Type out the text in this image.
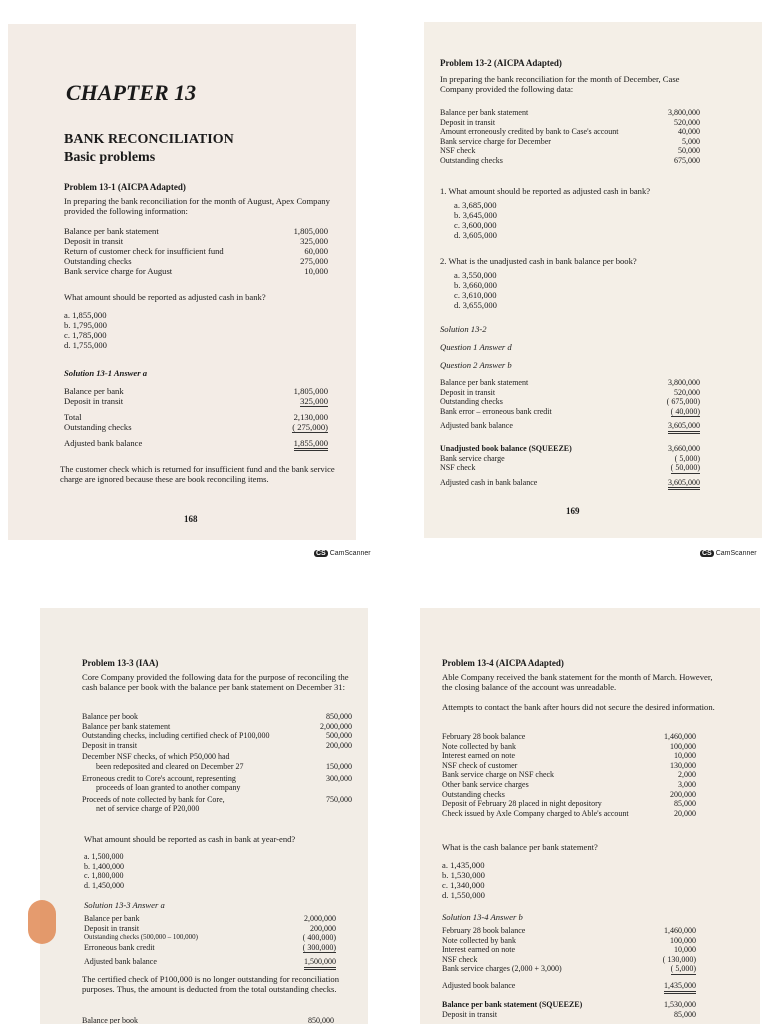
CHAPTER 13
BANK RECONCILIATION
Basic problems
Problem 13-1 (AICPA Adapted)
In preparing the bank reconciliation for the month of August, Apex Company provided the following information:
Balance per bank statement	1,805,000
Deposit in transit	325,000
Return of customer check for insufficient fund	60,000
Outstanding checks	275,000
Bank service charge for August	10,000
What amount should be reported as adjusted cash in bank?
a. 1,855,000
b. 1,795,000
c. 1,785,000
d. 1,755,000
Solution 13-1 Answer a
Balance per bank	1,805,000
Deposit in transit	325,000
Total	2,130,000
Outstanding checks	( 275,000)
Adjusted bank balance	1,855,000
The customer check which is returned for insufficient fund and the bank service charge are ignored because these are book reconciling items.
168
CS CamScanner
Problem 13-2 (AICPA Adapted)
In preparing the bank reconciliation for the month of December, Case Company provided the following data:
Balance per bank statement	3,800,000
Deposit in transit	520,000
Amount erroneously credited by bank to Case's account	40,000
Bank service charge for December	5,000
NSF check	50,000
Outstanding checks	675,000
1. What amount should be reported as adjusted cash in bank?
a. 3,685,000
b. 3,645,000
c. 3,600,000
d. 3,605,000
2. What is the unadjusted cash in bank balance per book?
a. 3,550,000
b. 3,660,000
c. 3,610,000
d. 3,655,000
Solution 13-2
Question 1 Answer d
Question 2 Answer b
Balance per bank statement	3,800,000
Deposit in transit	520,000
Outstanding checks	( 675,000)
Bank error – erroneous bank credit	( 40,000)
Adjusted bank balance	3,605,000
Unadjusted book balance (SQUEEZE)	3,660,000
Bank service charge	( 5,000)
NSF check	( 50,000)
Adjusted cash in bank balance	3,605,000
169
CS CamScanner
Problem 13-3 (IAA)
Core Company provided the following data for the purpose of reconciling the cash balance per book with the balance per bank statement on December 31:
Balance per book	850,000
Balance per bank statement	2,000,000
Outstanding checks, including certified check of P100,000	500,000
Deposit in transit	200,000
December NSF checks, of which P50,000 had
been redeposited and cleared on December 27	150,000
Erroneous credit to Core's account, representing
proceeds of loan granted to another company
300,000
Proceeds of note collected by bank for Core,
net of service charge of P20,000
750,000
What amount should be reported as cash in bank at year-end?
a. 1,500,000
b. 1,400,000
c. 1,800,000
d. 1,450,000
Solution 13-3 Answer a
Balance per bank	2,000,000
Deposit in transit	200,000
Outstanding checks (500,000 – 100,000)	( 400,000)
Erroneous bank credit	( 300,000)
Adjusted bank balance	1,500,000
The certified check of P100,000 is no longer outstanding for reconciliation purposes. Thus, the amount is deducted from the total outstanding checks.
Balance per book	850,000
Problem 13-4 (AICPA Adapted)
Able Company received the bank statement for the month of March. However, the closing balance of the account was unreadable.
Attempts to contact the bank after hours did not secure the desired information.
February 28 book balance	1,460,000
Note collected by bank	100,000
Interest earned on note	10,000
NSF check of customer	130,000
Bank service charge on NSF check	2,000
Other bank service charges	3,000
Outstanding checks	200,000
Deposit of February 28 placed in night depository	85,000
Check issued by Axle Company charged to Able's account	20,000
What is the cash balance per bank statement?
a. 1,435,000
b. 1,530,000
c. 1,340,000
d. 1,550,000
Solution 13-4 Answer b
February 28 book balance	1,460,000
Note collected by bank	100,000
Interest earned on note	10,000
NSF check	( 130,000)
Bank service charges (2,000 + 3,000)	( 5,000)
Adjusted book balance	1,435,000
Balance per bank statement (SQUEEZE)	1,530,000
Deposit in transit	85,000
